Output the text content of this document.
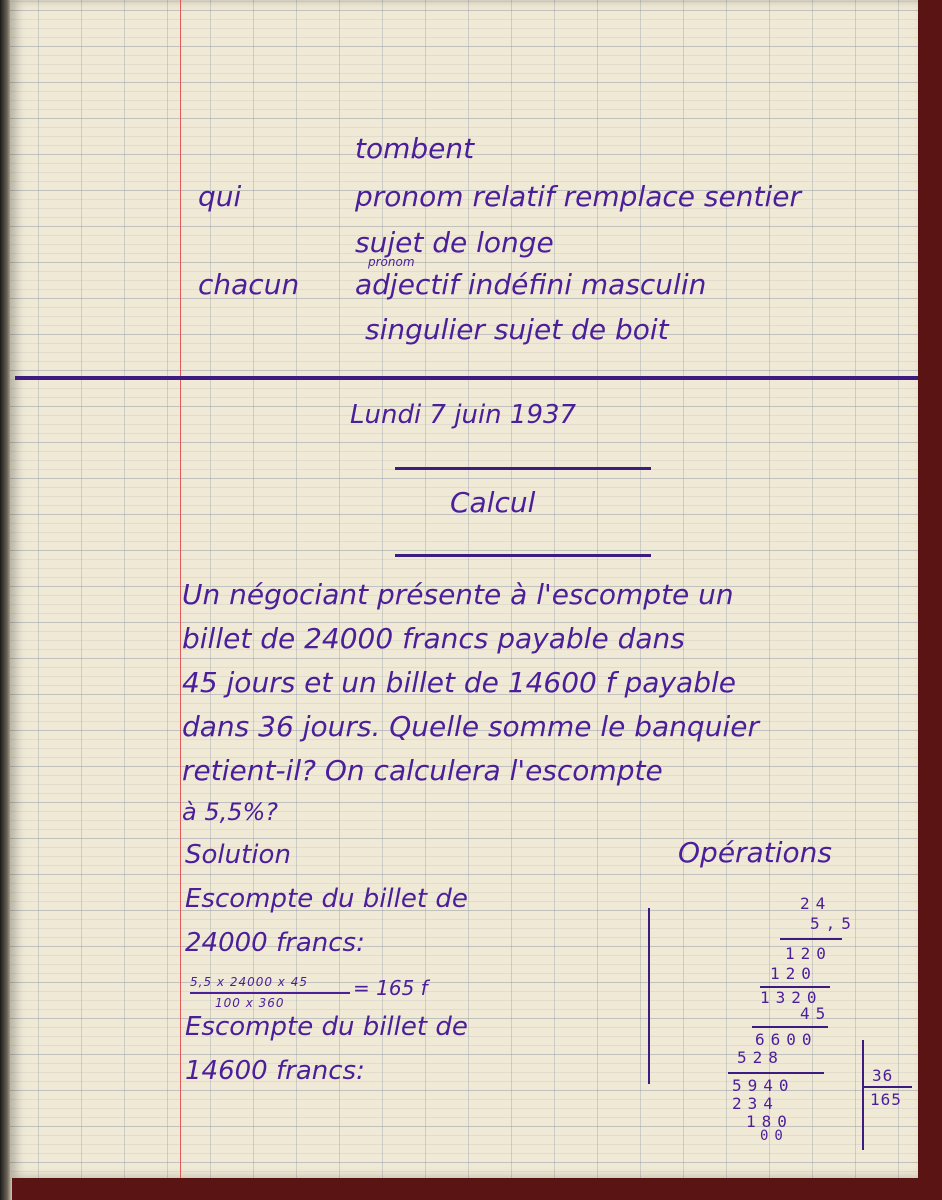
tombent
qui	pronom relatif remplace sentier
sujet de longe
chacun
pronom
adjectif indéfini masculin
singulier sujet de boit
Lundi 7 juin 1937
Calcul
Un négociant présente à l'escompte un
billet de 24000 francs payable dans
45 jours et un billet de 14600 f payable
dans 36 jours. Quelle somme le banquier
retient-il? On calculera l'escompte
à 5,5%?
Solution
Escompte du billet de
24000 francs:
5,5 x 24000 x 45
100 x 360
= 165 f
Escompte du billet de
14600 francs:
Opérations
24
5,5
120
120
1320
45
6600
528
5940
234
180
00
36
165
